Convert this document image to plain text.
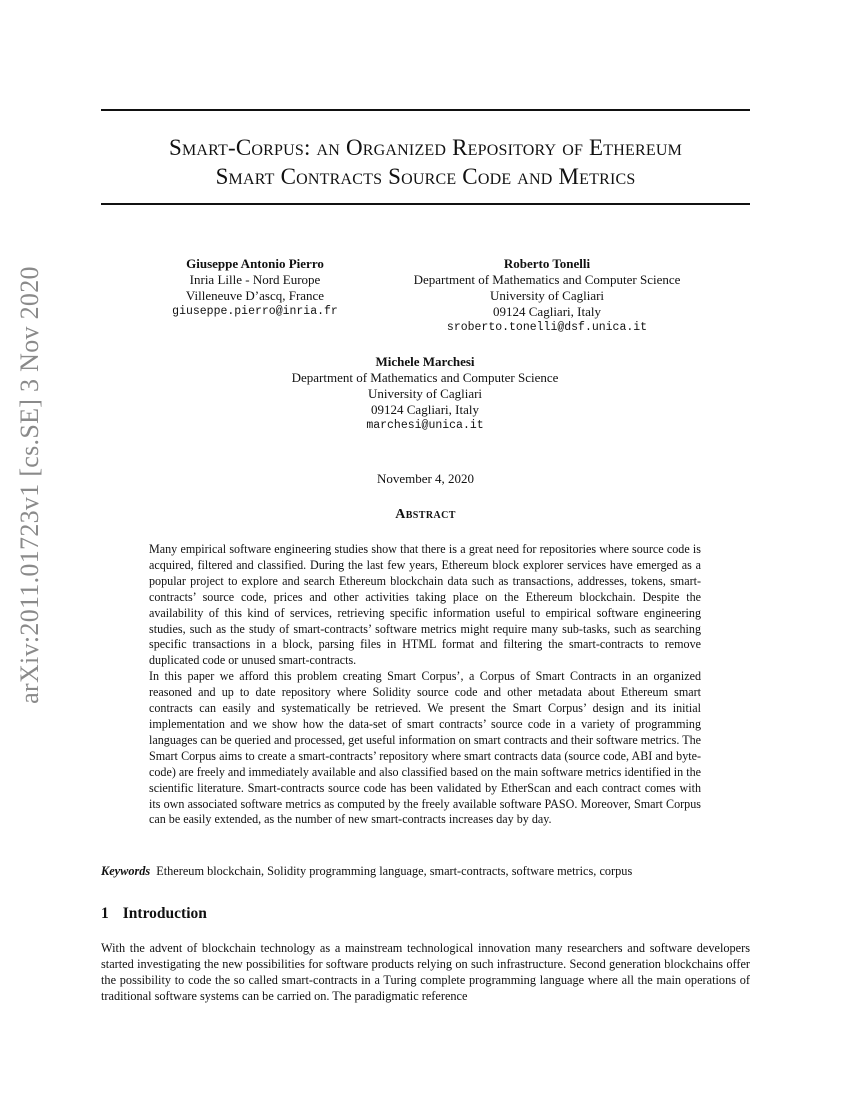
arXiv:2011.01723v1 [cs.SE] 3 Nov 2020
Smart-Corpus: an Organized Repository of Ethereum
Smart Contracts Source Code and Metrics
Giuseppe Antonio Pierro
Inria Lille - Nord Europe
Villeneuve D’ascq, France
giuseppe.pierro@inria.fr
Roberto Tonelli
Department of Mathematics and Computer Science
University of Cagliari
09124 Cagliari, Italy
sroberto.tonelli@dsf.unica.it
Michele Marchesi
Department of Mathematics and Computer Science
University of Cagliari
09124 Cagliari, Italy
marchesi@unica.it
November 4, 2020
Abstract

Many empirical software engineering studies show that there is a great need for repositories where source code is acquired, filtered and classified. During the last few years, Ethereum block explorer services have emerged as a popular project to explore and search Ethereum blockchain data such as transactions, addresses, tokens, smart-contracts’ source code, prices and other activities taking place on the Ethereum blockchain. Despite the availability of this kind of services, retrieving specific information useful to empirical software engineering studies, such as the study of smart-contracts’ software metrics might require many sub-tasks, such as searching specific transactions in a block, parsing files in HTML format and filtering the smart-contracts to remove duplicated code or unused smart-contracts.

In this paper we afford this problem creating Smart Corpus’, a Corpus of Smart Contracts in an organized reasoned and up to date repository where Solidity source code and other metadata about Ethereum smart contracts can easily and systematically be retrieved. We present the Smart Corpus’ design and its initial implementation and we show how the data-set of smart contracts’ source code in a variety of programming languages can be queried and processed, get useful information on smart contracts and their software metrics. The Smart Corpus aims to create a smart-contracts’ repository where smart contracts data (source code, ABI and byte-code) are freely and immediately available and also classified based on the main software metrics identified in the scientific literature. Smart-contracts source code has been validated by EtherScan and each contract comes with its own associated software metrics as computed by the freely available software PASO. Moreover, Smart Corpus can be easily extended, as the number of new smart-contracts increases day by day.

Keywords Ethereum blockchain, Solidity programming language, smart-contracts, software metrics, corpus
1 Introduction

With the advent of blockchain technology as a mainstream technological innovation many researchers and software developers started investigating the new possibilities for software products relying on such infrastructure. Second generation blockchains offer the possibility to code the so called smart-contracts in a Turing complete programming language where all the main operations of traditional software systems can be carried on. The paradigmatic reference
